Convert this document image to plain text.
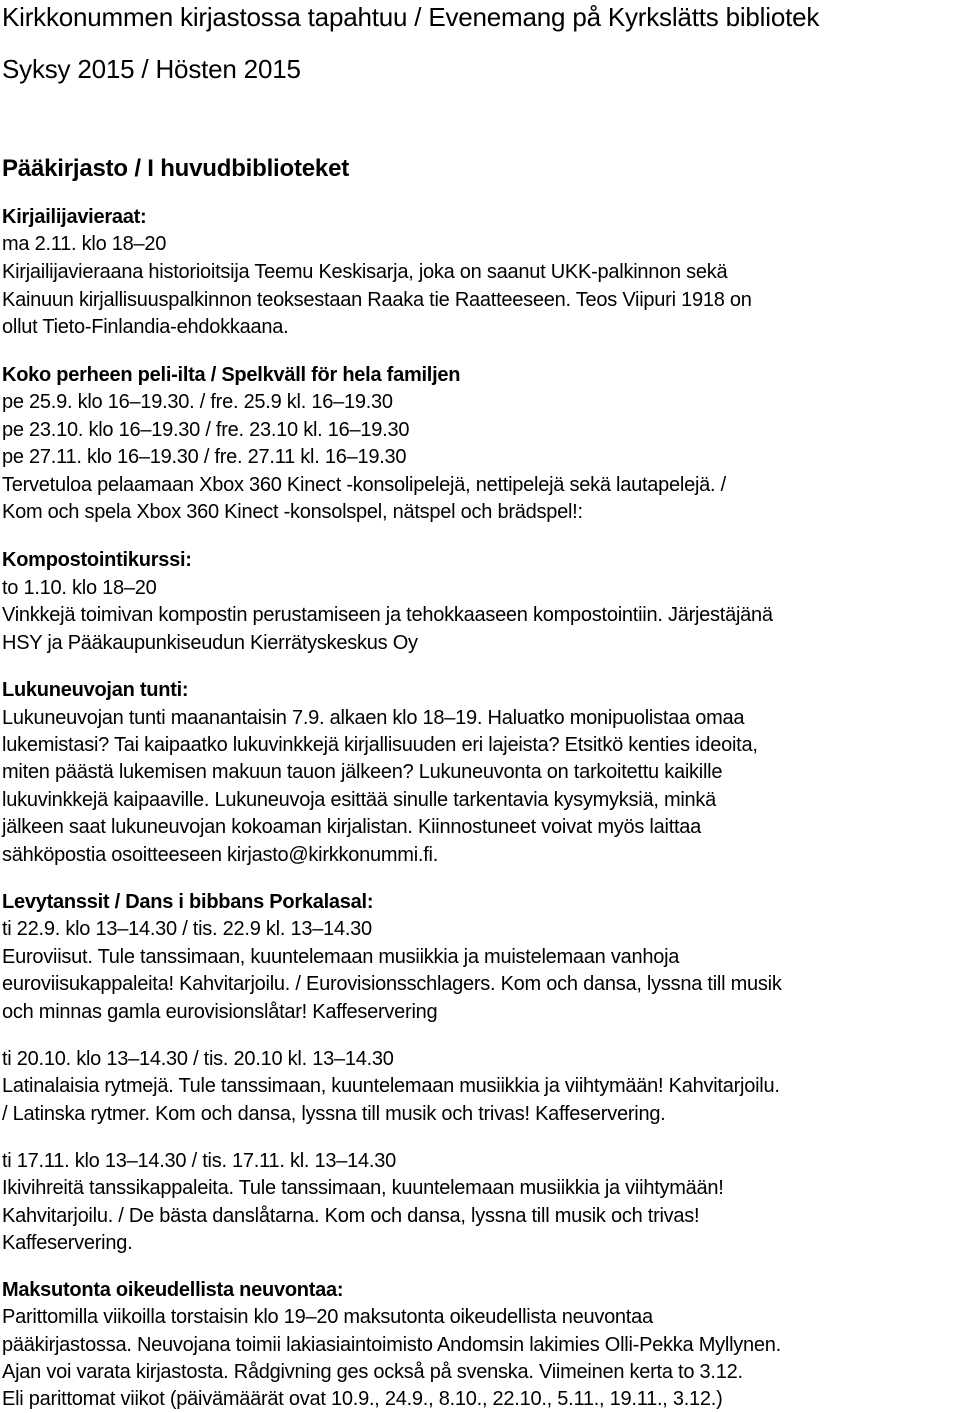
Kirkkonummen kirjastossa tapahtuu / Evenemang på Kyrkslätts bibliotek

Syksy 2015 / Hösten 2015

Pääkirjasto / I huvudbiblioteket

Kirjailijavieraat:

ma 2.11. klo 18–20

Kirjailijavieraana historioitsija Teemu Keskisarja, joka on saanut UKK-palkinnon sekä

Kainuun kirjallisuuspalkinnon teoksestaan Raaka tie Raatteeseen. Teos Viipuri 1918 on

ollut Tieto-Finlandia-ehdokkaana.

Koko perheen peli-ilta / Spelkväll för hela familjen

pe 25.9. klo 16–19.30. / fre. 25.9 kl. 16–19.30

pe 23.10. klo 16–19.30 / fre. 23.10 kl. 16–19.30

pe 27.11. klo 16–19.30 / fre. 27.11 kl. 16–19.30

Tervetuloa pelaamaan Xbox 360 Kinect -konsolipelejä, nettipelejä sekä lautapelejä. /

Kom och spela Xbox 360 Kinect -konsolspel, nätspel och brädspel!:

Kompostointikurssi:

to 1.10. klo 18–20

Vinkkejä toimivan kompostin perustamiseen ja tehokkaaseen kompostointiin. Järjestäjänä

HSY ja Pääkaupunkiseudun Kierrätyskeskus Oy

Lukuneuvojan tunti:

Lukuneuvojan tunti maanantaisin 7.9. alkaen klo 18–19. Haluatko monipuolistaa omaa

lukemistasi? Tai kaipaatko lukuvinkkejä kirjallisuuden eri lajeista? Etsitkö kenties ideoita,

miten päästä lukemisen makuun tauon jälkeen? Lukuneuvonta on tarkoitettu kaikille

lukuvinkkejä kaipaaville. Lukuneuvoja esittää sinulle tarkentavia kysymyksiä, minkä

jälkeen saat lukuneuvojan kokoaman kirjalistan. Kiinnostuneet voivat myös laittaa

sähköpostia osoitteeseen kirjasto@kirkkonummi.fi.

Levytanssit / Dans i bibbans Porkalasal:

ti 22.9. klo 13–14.30 / tis. 22.9 kl. 13–14.30

Euroviisut. Tule tanssimaan, kuuntelemaan musiikkia ja muistelemaan vanhoja

euroviisukappaleita! Kahvitarjoilu. / Eurovisionsschlagers. Kom och dansa, lyssna till musik

och minnas gamla eurovisionslåtar! Kaffeservering

ti 20.10. klo 13–14.30 / tis. 20.10 kl. 13–14.30

Latinalaisia rytmejä. Tule tanssimaan, kuuntelemaan musiikkia ja viihtymään! Kahvitarjoilu.

/ Latinska rytmer. Kom och dansa, lyssna till musik och trivas! Kaffeservering.

ti 17.11. klo 13–14.30 / tis. 17.11. kl. 13–14.30

Ikivihreitä tanssikappaleita. Tule tanssimaan, kuuntelemaan musiikkia ja viihtymään!

Kahvitarjoilu. / De bästa danslåtarna. Kom och dansa, lyssna till musik och trivas!

Kaffeservering.

Maksutonta oikeudellista neuvontaa:

Parittomilla viikoilla torstaisin klo 19–20 maksutonta oikeudellista neuvontaa

pääkirjastossa. Neuvojana toimii lakiasiaintoimisto Andomsin lakimies Olli-Pekka Myllynen.

Ajan voi varata kirjastosta. Rådgivning ges också på svenska. Viimeinen kerta to 3.12.

Eli parittomat viikot (päivämäärät ovat 10.9., 24.9., 8.10., 22.10., 5.11., 19.11., 3.12.)
